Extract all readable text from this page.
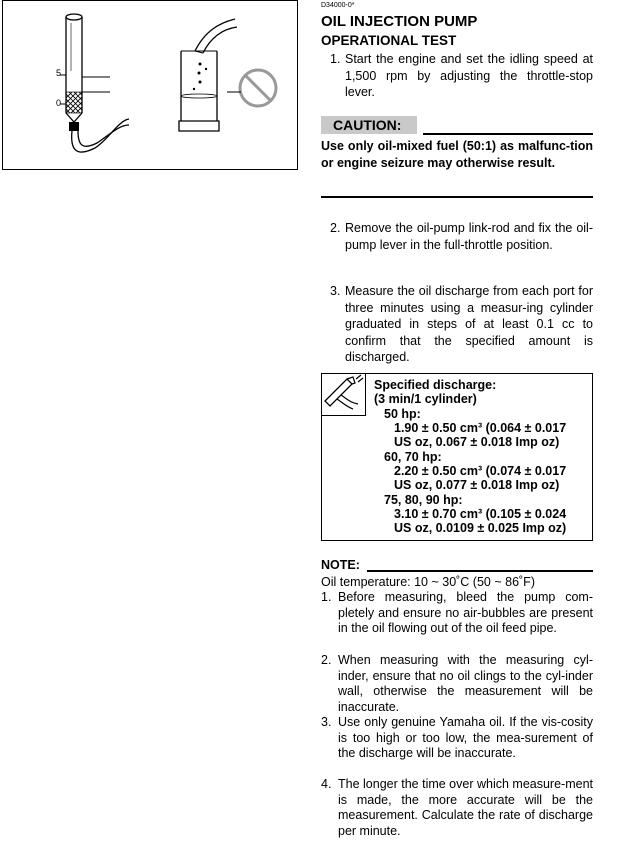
5
0
D34000-0*
OIL INJECTION PUMP
OPERATIONAL TEST
1. Start the engine and set the idling speed at 1,500 rpm by adjusting the throttle-stop lever.
CAUTION:
Use only oil-mixed fuel (50:1) as malfunc-tion or engine seizure may otherwise result.
2. Remove the oil-pump link-rod and fix the oil-pump lever in the full-throttle position.
3. Measure the oil discharge from each port for three minutes using a measur-ing cylinder graduated in steps of at least 0.1 cc to confirm that the specified amount is discharged.
Specified discharge:
(3 min/1 cylinder)
50 hp:
1.90 ± 0.50 cm³ (0.064 ± 0.017
US oz, 0.067 ± 0.018 Imp oz)
60, 70 hp:
2.20 ± 0.50 cm³ (0.074 ± 0.017
US oz, 0.077 ± 0.018 Imp oz)
75, 80, 90 hp:
3.10 ± 0.70 cm³ (0.105 ± 0.024
US oz, 0.0109 ± 0.025 Imp oz)
NOTE:
Oil temperature: 10 ~ 30˚C (50 ~ 86˚F)
1. Before measuring, bleed the pump com-pletely and ensure no air-bubbles are present in the oil flowing out of the oil feed pipe.
2. When measuring with the measuring cyl-inder, ensure that no oil clings to the cyl-inder wall, otherwise the measurement will be inaccurate.
3. Use only genuine Yamaha oil. If the vis-cosity is too high or too low, the mea-surement of the discharge will be inaccurate.
4. The longer the time over which measure-ment is made, the more accurate will be the measurement. Calculate the rate of discharge per minute.
